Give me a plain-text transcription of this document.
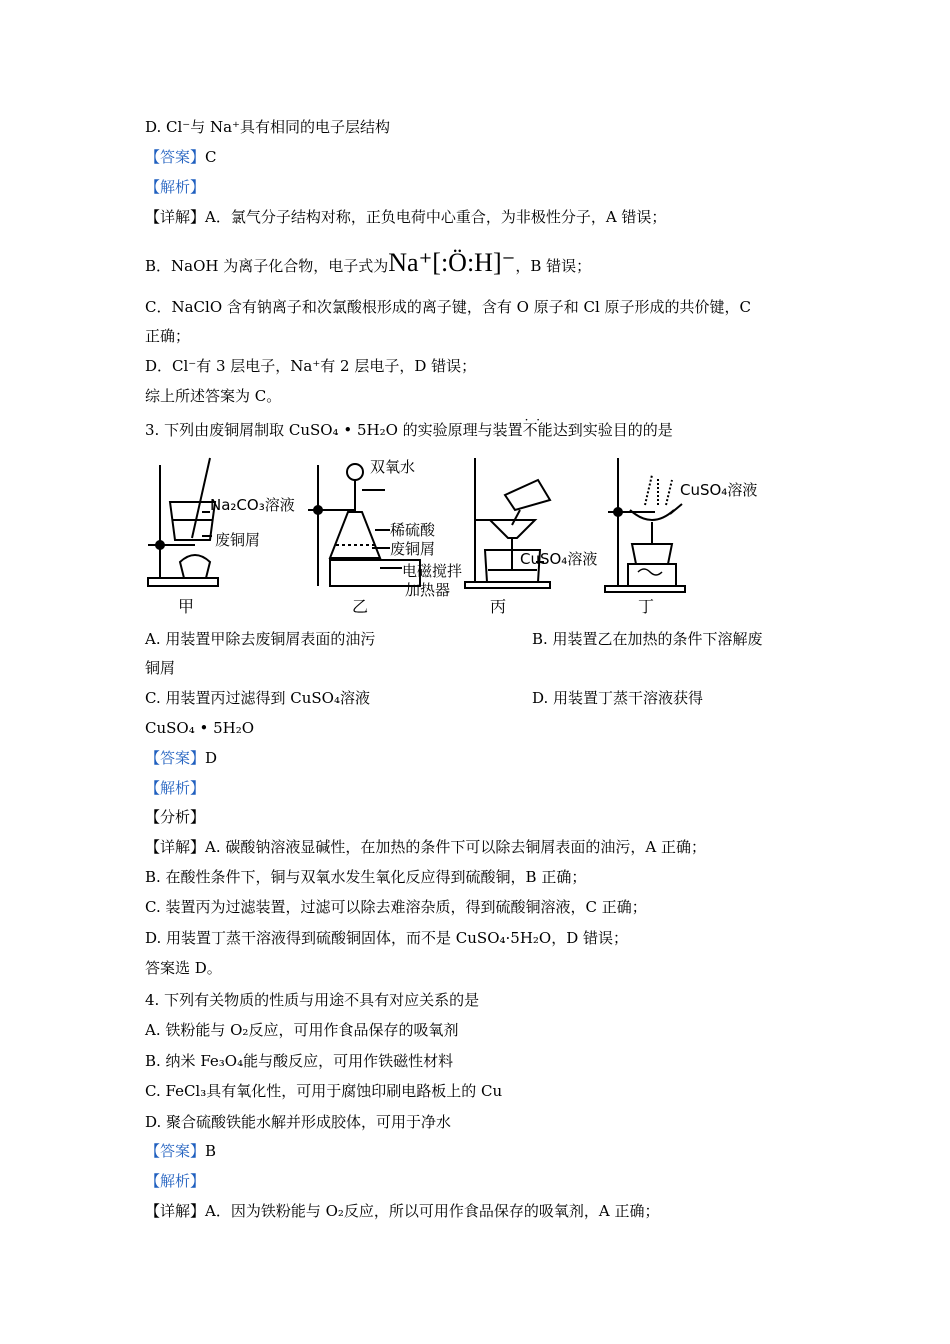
D. Cl⁻与 Na⁺具有相同的电子层结构
【答案】C
【解析】
【详解】A．氯气分子结构对称，正负电荷中心重合，为非极性分子，A 错误；
B．NaOH 为离子化合物，电子式为Na⁺[:Ö:H]⁻，B 错误；
C．NaClO 含有钠离子和次氯酸根形成的离子键，含有 O 原子和 Cl 原子形成的共价键，C
正确；
D．Cl⁻有 3 层电子，Na⁺有 2 层电子，D 错误；
综上所述答案为 C。
3. 下列由废铜屑制取 CuSO₄ • 5H₂O 的实验原理与装置· · 不能达到实验目的的是
Na₂CO₃溶液
废铜屑
甲
双氧水
稀硫酸
废铜屑
电磁搅拌
加热器
乙
CuSO₄溶液
丙
CuSO₄溶液
丁
A. 用装置甲除去废铜屑表面的油污	B. 用装置乙在加热的条件下溶解废
铜屑
C. 用装置丙过滤得到 CuSO₄溶液	D. 用装置丁蒸干溶液获得
CuSO₄ • 5H₂O
【答案】D
【解析】
【分析】
【详解】A. 碳酸钠溶液显碱性，在加热的条件下可以除去铜屑表面的油污，A 正确；
B. 在酸性条件下，铜与双氧水发生氧化反应得到硫酸铜，B 正确；
C. 装置丙为过滤装置，过滤可以除去难溶杂质，得到硫酸铜溶液，C 正确；
D. 用装置丁蒸干溶液得到硫酸铜固体，而不是 CuSO₄·5H₂O，D 错误；
答案选 D。
4. 下列有关物质的性质与用途不具有对应关系的是
A. 铁粉能与 O₂反应，可用作食品保存的吸氧剂
B. 纳米 Fe₃O₄能与酸反应，可用作铁磁性材料
C. FeCl₃具有氧化性，可用于腐蚀印刷电路板上的 Cu
D. 聚合硫酸铁能水解并形成胶体，可用于净水
【答案】B
【解析】
【详解】A．因为铁粉能与 O₂反应，所以可用作食品保存的吸氧剂，A 正确；
